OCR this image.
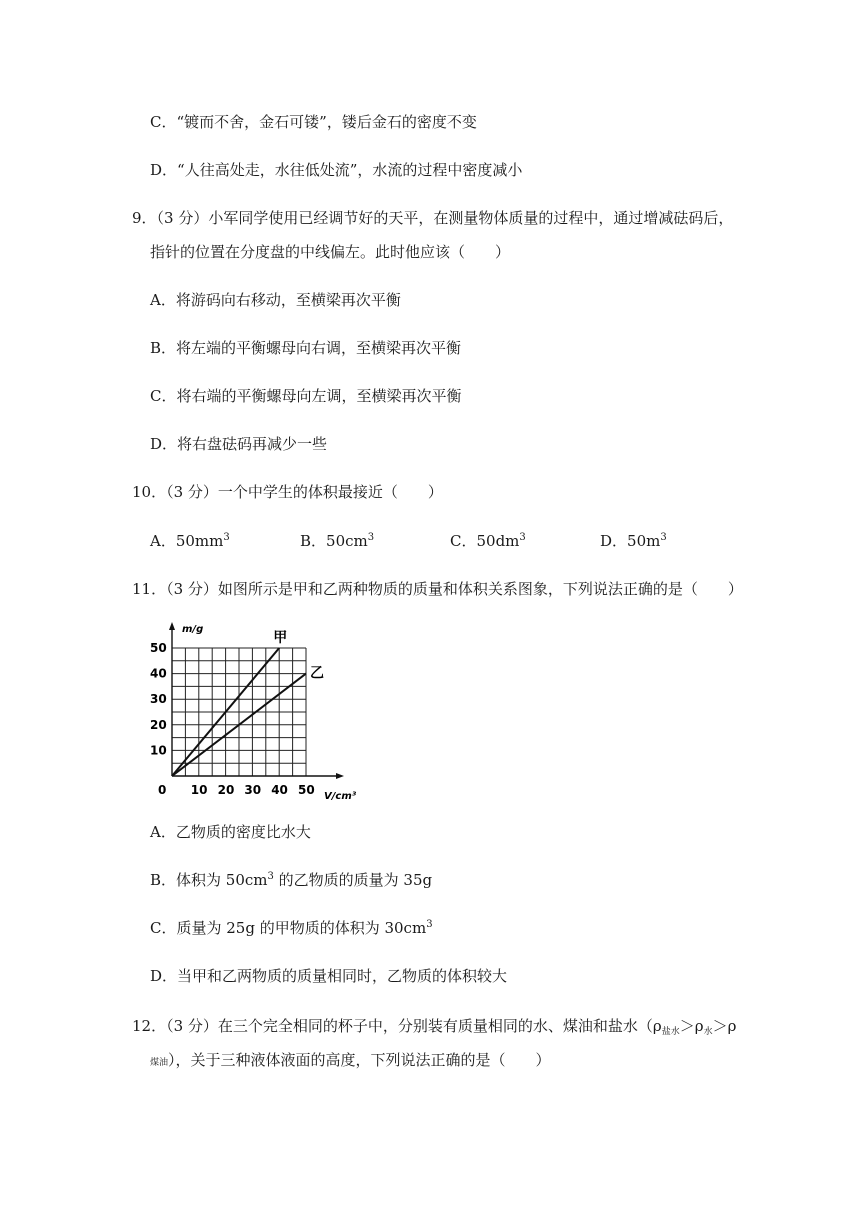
C．“镀而不舍，金石可镂”，镂后金石的密度不变
D．“人往高处走，水往低处流”，水流的过程中密度减小
9．（3 分）小军同学使用已经调节好的天平，在测量物体质量的过程中，通过增减砝码后，
指针的位置在分度盘的中线偏左。此时他应该（　　）
A．将游码向右移动，至横梁再次平衡
B．将左端的平衡螺母向右调，至横梁再次平衡
C．将右端的平衡螺母向左调，至横梁再次平衡
D．将右盘砝码再减少一些
10．（3 分）一个中学生的体积最接近（　　）
A．$50mm^3$	B．$50cm^3$	C．$50dm^3$	D．$50m^3$
11．（3 分）如图所示是甲和乙两种物质的质量和体积关系图象，下列说法正确的是（　　）
0 10 20 30 40 50
10
20
30
40
50
甲
乙
m/g
V/cm³
A．乙物质的密度比水大
B．体积为 $50cm^3$ 的乙物质的质量为 35g
C．质量为 25g 的甲物质的体积为 $30cm^3$
D．当甲和乙两物质的质量相同时，乙物质的体积较大
12．（3 分）在三个完全相同的杯子中，分别装有质量相同的水、煤油和盐水（$\rho_{盐水}>\rho_水>\rho$
煤油），关于三种液体液面的高度，下列说法正确的是（　　）
